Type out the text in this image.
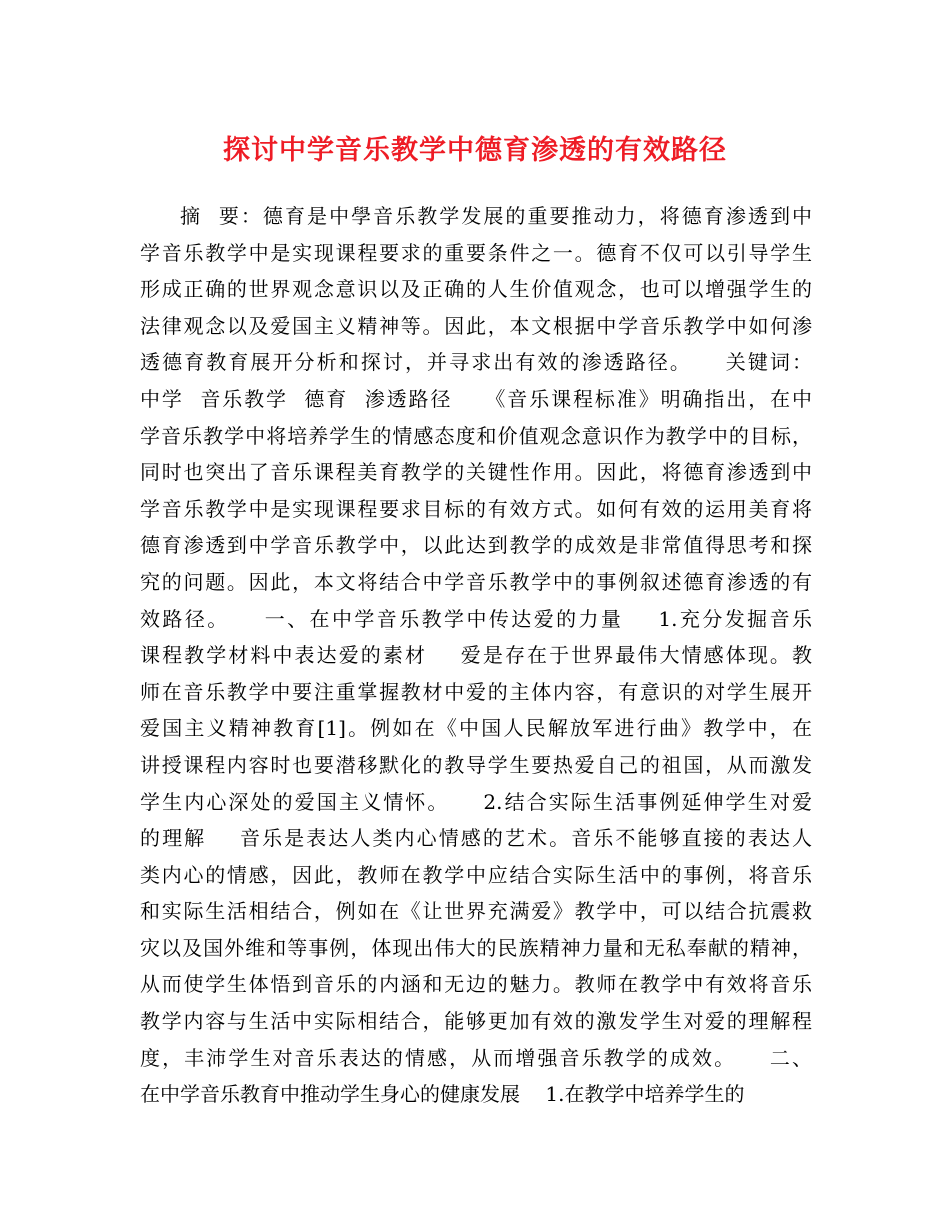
探讨中学音乐教学中德育渗透的有效路径
摘  要：德育是中學音乐教学发展的重要推动力，将德育渗透到中
学音乐教学中是实现课程要求的重要条件之一。德育不仅可以引导学生
形成正确的世界观念意识以及正确的人生价值观念，也可以增强学生的
法律观念以及爱国主义精神等。因此，本文根据中学音乐教学中如何渗
透德育教育展开分析和探讨，并寻求出有效的渗透路径。    关键词：
中学  音乐教学  德育  渗透路径    《音乐课程标准》明确指出，在中
学音乐教学中将培养学生的情感态度和价值观念意识作为教学中的目标，
同时也突出了音乐课程美育教学的关键性作用。因此，将德育渗透到中
学音乐教学中是实现课程要求目标的有效方式。如何有效的运用美育将
德育渗透到中学音乐教学中，以此达到教学的成效是非常值得思考和探
究的问题。因此，本文将结合中学音乐教学中的事例叙述德育渗透的有
效路径。    一、在中学音乐教学中传达爱的力量    1.充分发掘音乐
课程教学材料中表达爱的素材    爱是存在于世界最伟大情感体现。教
师在音乐教学中要注重掌握教材中爱的主体内容，有意识的对学生展开
爱国主义精神教育[1]。例如在《中国人民解放军进行曲》教学中，在
讲授课程内容时也要潜移默化的教导学生要热爱自己的祖国，从而激发
学生内心深处的爱国主义情怀。    2.结合实际生活事例延伸学生对爱
的理解    音乐是表达人类内心情感的艺术。音乐不能够直接的表达人
类内心的情感，因此，教师在教学中应结合实际生活中的事例，将音乐
和实际生活相结合，例如在《让世界充满爱》教学中，可以结合抗震救
灾以及国外维和等事例，体现出伟大的民族精神力量和无私奉献的精神，
从而使学生体悟到音乐的内涵和无边的魅力。教师在教学中有效将音乐
教学内容与生活中实际相结合，能够更加有效的激发学生对爱的理解程
度，丰沛学生对音乐表达的情感，从而增强音乐教学的成效。    二、
在中学音乐教育中推动学生身心的健康发展    1.在教学中培养学生的
